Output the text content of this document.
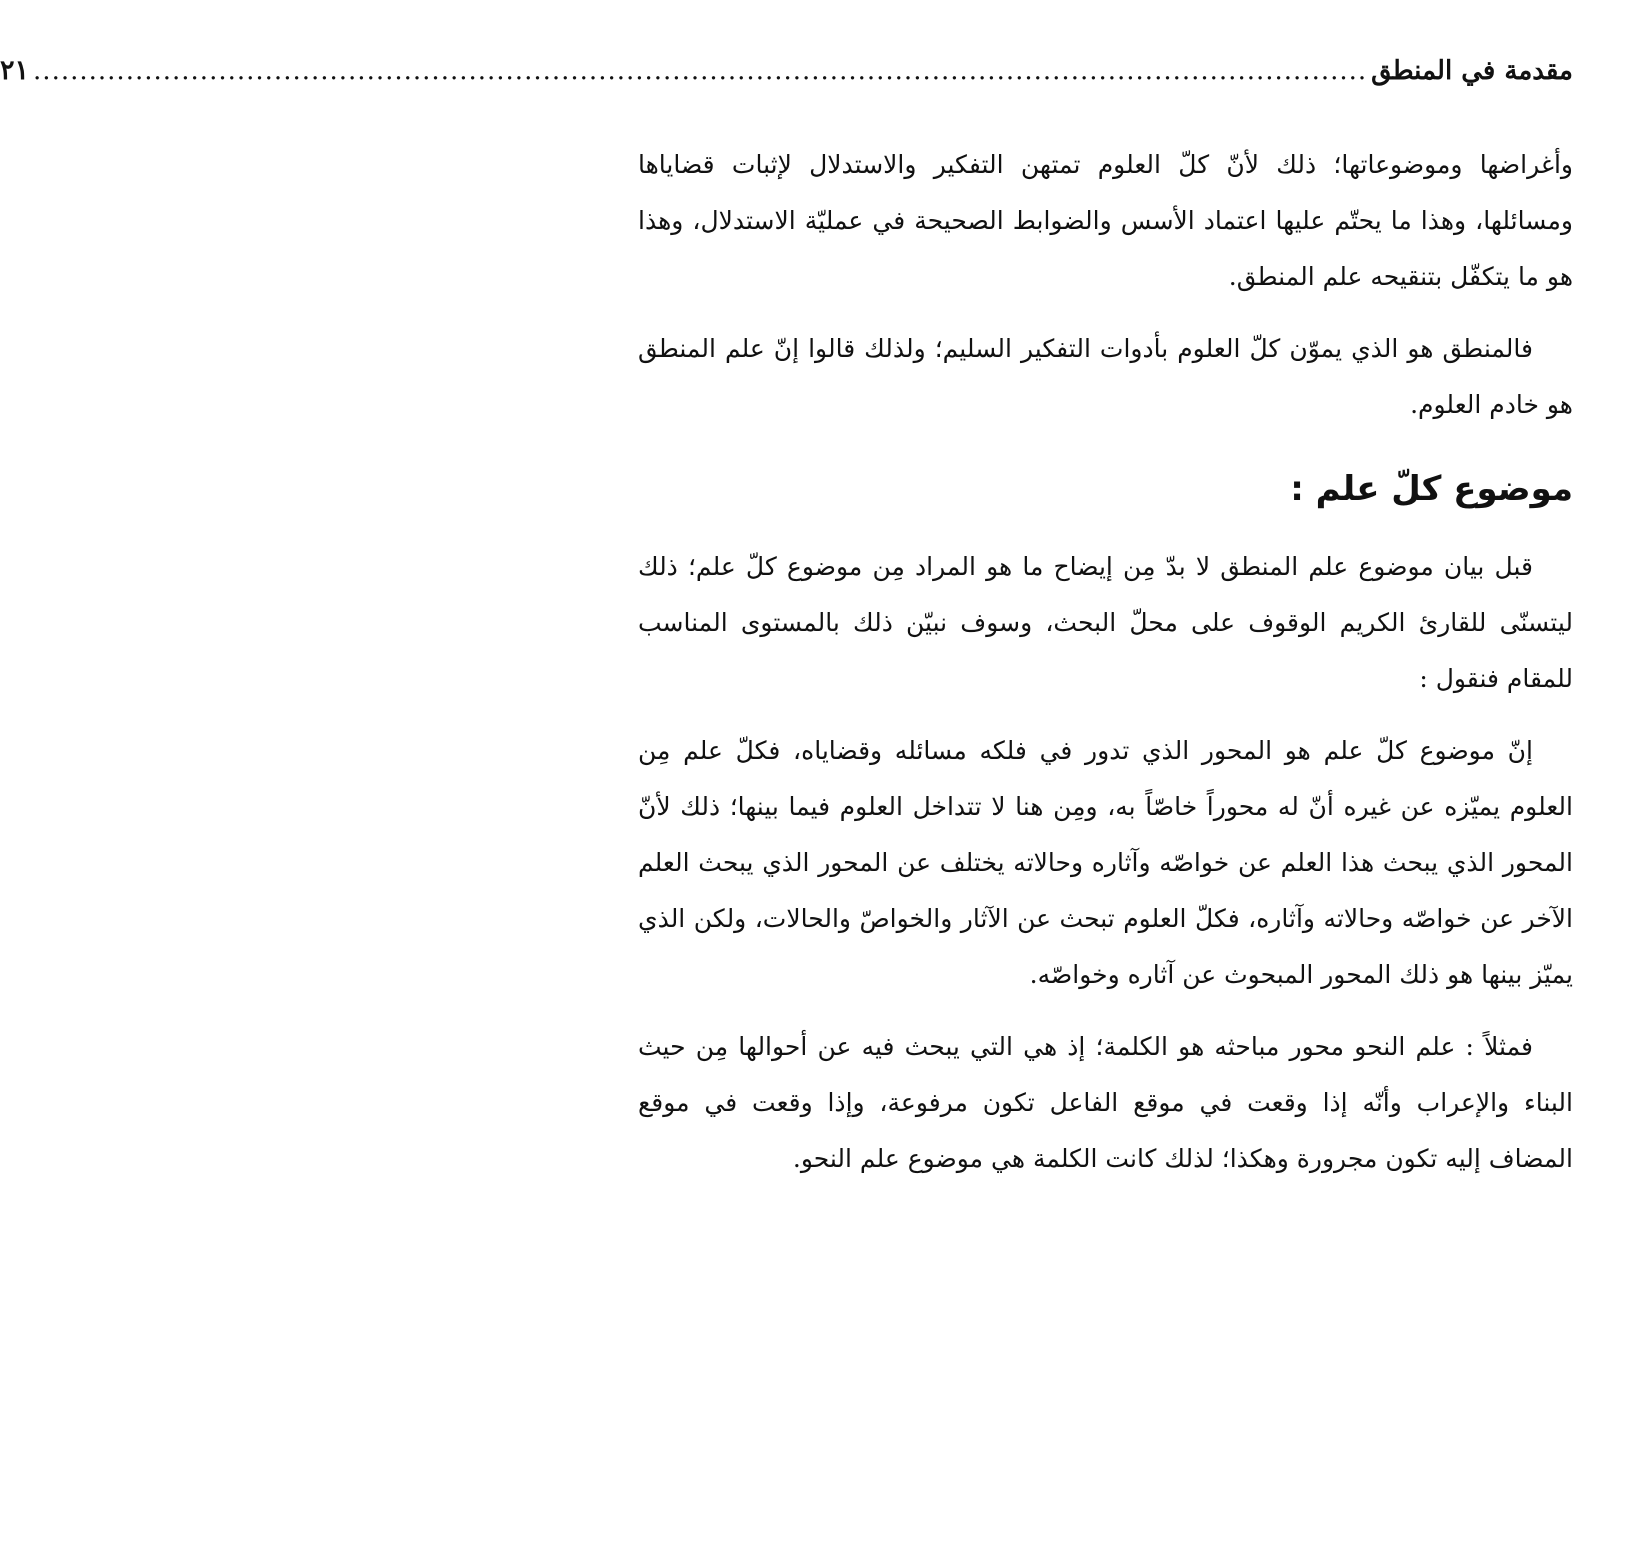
مقدمة في المنطق
................................................................................................................................................
٢١

وأغراضها وموضوعاتها؛ ذلك لأنّ كلّ العلوم تمتهن التفكير والاستدلال لإثبات قضاياها ومسائلها، وهذا ما يحتّم عليها اعتماد الأسس والضوابط الصحيحة في عمليّة الاستدلال، وهذا هو ما يتكفّل بتنقيحه علم المنطق.

فالمنطق هو الذي يموّن كلّ العلوم بأدوات التفكير السليم؛ ولذلك قالوا إنّ علم المنطق هو خادم العلوم.

موضوع كلّ علم :

قبل بيان موضوع علم المنطق لا بدّ مِن إيضاح ما هو المراد مِن موضوع كلّ علم؛ ذلك ليتسنّى للقارئ الكريم الوقوف على محلّ البحث، وسوف نبيّن ذلك بالمستوى المناسب للمقام فنقول :

إنّ موضوع كلّ علم هو المحور الذي تدور في فلكه مسائله وقضاياه، فكلّ علم مِن العلوم يميّزه عن غيره أنّ له محوراً خاصّاً به، ومِن هنا لا تتداخل العلوم فيما بينها؛ ذلك لأنّ المحور الذي يبحث هذا العلم عن خواصّه وآثاره وحالاته يختلف عن المحور الذي يبحث العلم الآخر عن خواصّه وحالاته وآثاره، فكلّ العلوم تبحث عن الآثار والخواصّ والحالات، ولكن الذي يميّز بينها هو ذلك المحور المبحوث عن آثاره وخواصّه.

فمثلاً : علم النحو محور مباحثه هو الكلمة؛ إذ هي التي يبحث فيه عن أحوالها مِن حيث البناء والإعراب وأنّه إذا وقعت في موقع الفاعل تكون مرفوعة، وإذا وقعت في موقع المضاف إليه تكون مجرورة وهكذا؛ لذلك كانت الكلمة هي موضوع علم النحو.
